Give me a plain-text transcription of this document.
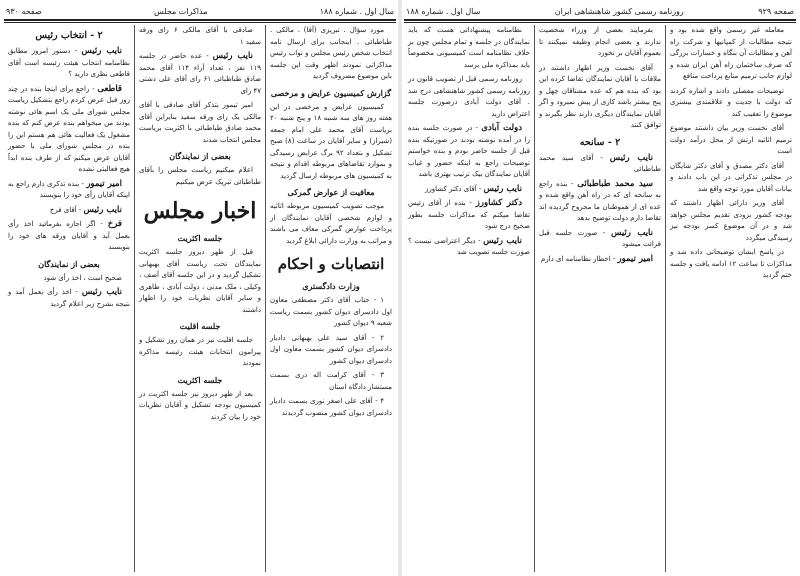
سال اول . شماره ۱۸۸
مذاکرات مجلس
صفحه ۹۳۰

مورد سؤال . تبریزی (آقا) . مالکی . طباطبائی . اینجانب برای ارسال نامه انتخاب شخص رئیس مجلس و نواب رئیس مذاکراتی نمودند اظهر وقت این جلسه باین موضوع مصروف گردید

گزارش کمیسیون عرایض و مرخصی

کمیسیون عرایض و مرخصی در این هفته روز های سه شنبه ۱۸ و پنج شنبه ۲۰ بریاست آقای محمد علی امام جمعه (شیراز) و سایر آقایان در ساعت (۸) صبح تشکیل و بتعداد ۹۲ برگ عرایض رسیدگی و بموارد تقاضاهای مربوطه اقدام و نتیجه به کمیسیون های مربوطه ارسال گردید

معافیت از عوارض گمرکی

موجب تصویب کمیسیون مربوطه اثاثیه و لوازم شخصی آقایان نمایندگان از پرداخت عوارض گمرکی معاف می باشند و مراتب به وزارت دارائی ابلاغ گردید

انتصابات و احکام
وزارت دادگستری

۱ - جناب آقای دکتر مصطفی معاون اول دادسرای دیوان کشور بسمت ریاست شعبه ۹ دیوان کشور

۲ - آقای سید علی بهبهانی دادیار دادسرای دیوان کشور بسمت معاون اول دادسرای دیوان کشور

۳ - آقای کرامت اله دری بسمت مستشار دادگاه استان

۴ - آقای علی اصغر نوری بسمت دادیار دادسرای دیوان کشور منصوب گردیدند

صادقی با آقای مالکی ۶ رای ورقه سفید ۱

نایب رئیس - عده حاضر در جلسه ۱۱۹ نفر ، تعداد آراء ۱۱۴ آقای محمد صادق طباطبائی ۶۱ رای آقای علی دشتی ۴۷ رای

امیر تیمور بتذکر آقای صادقی با آقای مالکی یک رای ورقه سفید بنابراین آقای محمد صادق طباطبائی با اکثریت بریاست مجلس انتخاب شدند

بعضی از نمایندگان

اعلام میکنیم ریاست مجلس را بآقای طباطبائی تبریک عرض میکنیم

اخبار مجلس
جلسه اکثریت

قبل از ظهر دیروز جلسه اکثریت نمایندگان تحت ریاست آقای بهبهانی تشکیل گردید و در این جلسه آقای آصف ، وکیلی ، ملک مدنی ، دولت آبادی ، طاهری و سایر آقایان نظریات خود را اظهار داشتند

جلسه اقلیت

جلسه اقلیت نیز در همان روز تشکیل و پیرامون انتخابات هیئت رئیسه مذاکره نمودند

جلسه اکثریت

بعد از ظهر دیروز نیز جلسه اکثریت در کمیسیون بودجه تشکیل و آقایان نظریات خود را بیان کردند

۲ - انتخاب رئیس

نایب رئیس - دستور امروز مطابق نظامنامه انتخاب هیئت رئیسه است آقای قاطعی نظری دارید ؟

قاطعی - راجع برای اینجا بنده در چند روز قبل عرض کردم راجع بتشکیل ریاست مجلس شورای ملی یک اسم هائی نوشته بودند من میخواهم بنده عرض کنم که بنده مشغول یک فعالیت هائی هم هستم این را بنده در مجلس شورای ملی با حضور آقایان عرض میکنم که از طرف بنده ابداً هیچ فعالیتی نشده

امیر تیمور - بنده تذکری دارم راجع به اینکه آقایان رأی خود را بنویسند

نایب رئیس - آقای فرخ

فرخ - اگر اجازه بفرمائید اخذ رأی بعمل آید و آقایان ورقه های خود را بنویسند

بعضی از نمایندگان

صحیح است ، اخذ رأی شود

نایب رئیس - اخذ رأی بعمل آمد و نتیجه بشرح زیر اعلام گردید

صفحه ۹۲۹
روزنامه رسمی کشور شاهنشاهی ایران
سال اول . شماره ۱۸۸

معامله غیر رسمی واقع شده بود و نتیجه مطالبات از کمپانیها و شرکت راه آهن و مطالبات آن بنگاه و خسارات بزرگی که صرف ساختمان راه آهن ایران شده و لوازم جانب ترمیم منابع پرداخت منافع

توضیحات مفصلی دادند و اشاره کردند که دولت با جدیت و علاقمندی بیشتری موضوع را تعقیب کند

آقای نخست وزیر بیان داشتند موضوع ترمیم اثاثیه ارتش از محل درآمد دولت است

آقای دکتر مصدق و آقای دکتر شایگان در مجلس تذکراتی در این باب دادند و بیانات آقایان مورد توجه واقع شد

آقای وزیر دارائی اظهار داشتند که بودجه کشور بزودی تقدیم مجلس خواهد شد و در آن موضوع کسر بودجه نیز رسیدگی میگردد

در پاسخ ایشان توضیحاتی داده شد و مذاکرات تا ساعت ۱۲ ادامه یافت و جلسه ختم گردید

بفرمایند بعضی از وزراء شخصیت ندارند و بعضی انجام وظیفه نمیکنند تا بعموم آقایان بر نخورد

آقای نخست وزیر اظهار داشتند در ملاقات با آقایان نمایندگان تقاضا کرده این بود که بنده هم که عده مشتاقان چهل و پنج بیشتر باشد کاری از پیش نمیرود و اگر آقایان نمایندگان دیگری دارند نظر بگیرند و توافق کنند

۲ - سانحه

نایب رئیس - آقای سید محمد طباطبائی

سید محمد طباطبائی - بنده راجع به سانحه ای که در راه آهن واقع شده و عده ای از هموطنان ما مجروح گردیده اند تقاضا دارم دولت توضیح بدهد

نایب رئیس - صورت جلسه قبل قرائت میشود

امیر تیمور - اخطار نظامنامه ای دارم

نظامنامه پیشنهاداتی هست که باید نمایندگان در جلسه و تمام مجلس چون بر خلاف نظامنامه است کمیسیونی مخصوصاً باید بمذاکره ملی برسد

روزنامه رسمی قبل از تصویب قانون در روزنامه رسمی کشور شاهنشاهی درج شد . آقای دولت آبادی درصورت جلسه اعتراض دارید

دولت آبادی - در صورت جلسه بنده را در آمده نوشته بودند در صورتیکه بنده قبل از جلسه حاضر بودم و بنده خواستم توضیحات راجع به اینکه حضور و غیاب آقایان نمایندگان بیک ترتیب بهتری باشد

نایب رئیس - آقای دکتر کشاورز

دکتر کشاورز - بنده از آقای رئیس تقاضا میکنم که مذاکرات جلسه بطور صحیح درج شود

نایب رئیس - دیگر اعتراضی نیست ؟ صورت جلسه تصویب شد
